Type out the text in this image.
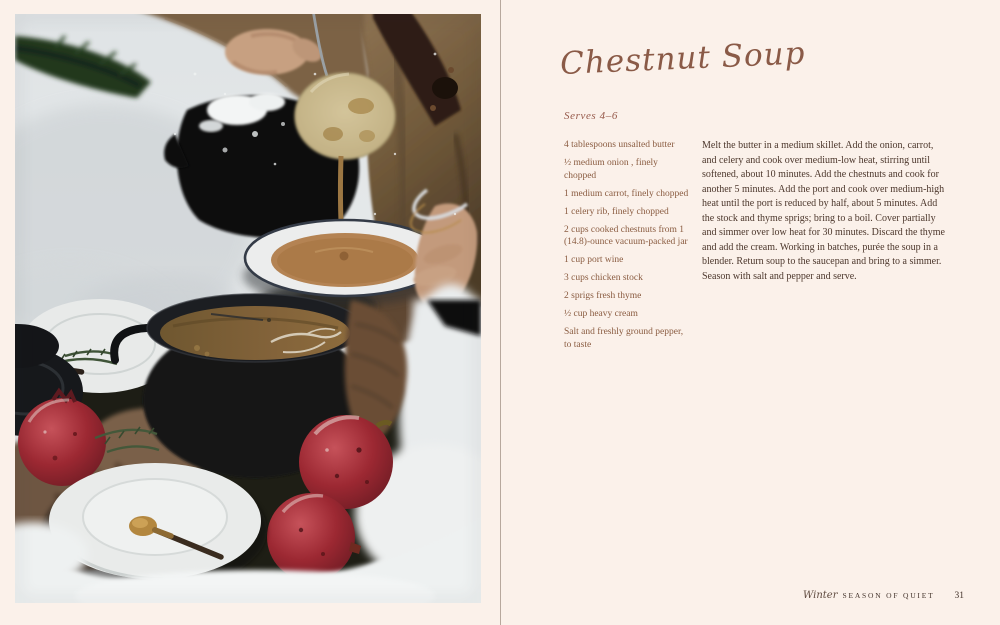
Chestnut Soup
Serves 4–6

4 tablespoons unsalted butter

½ medium onion , finely chopped

1 medium carrot, finely chopped

1 celery rib, finely chopped

2 cups cooked chestnuts from 1 (14.8)-ounce vacuum-packed jar

1 cup port wine

3 cups chicken stock

2 sprigs fresh thyme

½ cup heavy cream

Salt and freshly ground pepper, to taste

Melt the butter in a medium skillet. Add the onion, carrot, and celery and cook over medium-low heat, stirring until softened, about 10 minutes. Add the chestnuts and cook for another 5 minutes. Add the port and cook over medium-high heat until the port is reduced by half, about 5 minutes. Add the stock and thyme sprigs; bring to a boil. Cover partially and simmer over low heat for 30 minutes. Discard the thyme and add the cream. Working in batches, purée the soup in a blender. Return soup to the saucepan and bring to a simmer. Season with salt and pepper and serve.
Winter SEASON OF QUIET 31
